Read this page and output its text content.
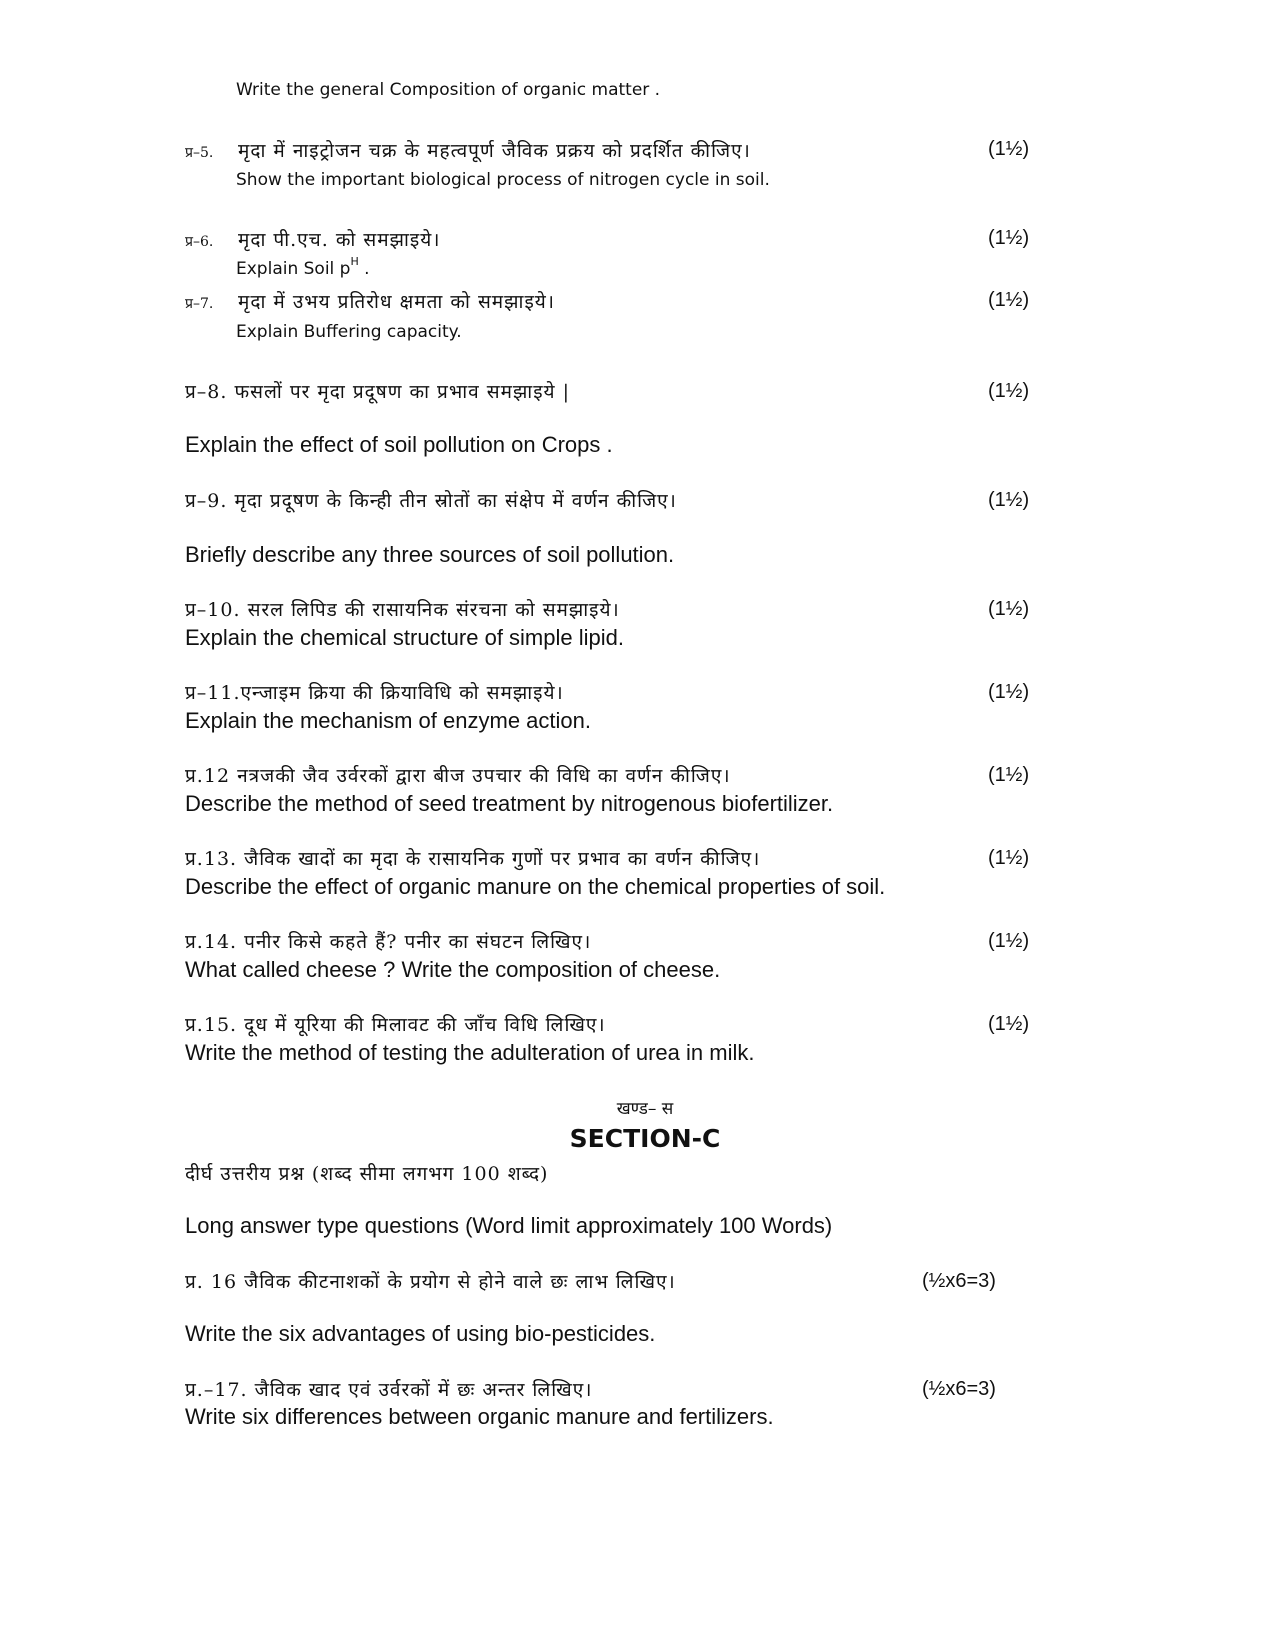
Write the general Composition of organic matter .
प्र–5. मृदा में नाइट्रोजन चक्र के महत्वपूर्ण जैविक प्रक्रय को प्रदर्शित कीजिए।	(1½)
Show the important biological process of nitrogen cycle in soil.
प्र–6. मृदा पी.एच. को समझाइये।	(1½)
Explain Soil $p^H$ .
प्र–7. मृदा में उभय प्रतिरोध क्षमता को समझाइये।	(1½)
Explain Buffering capacity.
प्र–8. फसलों पर मृदा प्रदूषण का प्रभाव समझाइये |	(1½)
Explain the effect of soil pollution on Crops .
प्र–9. मृदा प्रदूषण के किन्ही तीन स्रोतों का संक्षेप में वर्णन कीजिए।	(1½)
Briefly describe any three sources of soil pollution.
प्र–10. सरल लिपिड की रासायनिक संरचना को समझाइये।	(1½)
Explain the chemical structure of simple lipid.
प्र–11.एन्जाइम क्रिया की क्रियाविधि को समझाइये।	(1½)
Explain the mechanism of enzyme action.
प्र.12 नत्रजकी जैव उर्वरकों द्वारा बीज उपचार की विधि का वर्णन कीजिए।	(1½)
Describe the method of seed treatment by nitrogenous biofertilizer.
प्र.13. जैविक खादों का मृदा के रासायनिक गुणों पर प्रभाव का वर्णन कीजिए।	(1½)
Describe the effect of organic manure on the chemical properties of soil.
प्र.14. पनीर किसे कहते हैं? पनीर का संघटन लिखिए।	(1½)
What called cheese ? Write the composition of cheese.
प्र.15. दूध में यूरिया की मिलावट की जाँच विधि लिखिए।	(1½)
Write the method of testing the adulteration of urea in milk.
खण्ड– स
SECTION-C
दीर्घ उत्तरीय प्रश्न (शब्द सीमा लगभग 100 शब्द)
Long answer type questions (Word limit approximately 100 Words)
प्र. 16 जैविक कीटनाशकों के प्रयोग से होने वाले छः लाभ लिखिए।	(½x6=3)
Write the six advantages of using bio-pesticides.
प्र.–17. जैविक खाद एवं उर्वरकों में छः अन्तर लिखिए।	(½x6=3)
Write six differences between organic manure and fertilizers.
